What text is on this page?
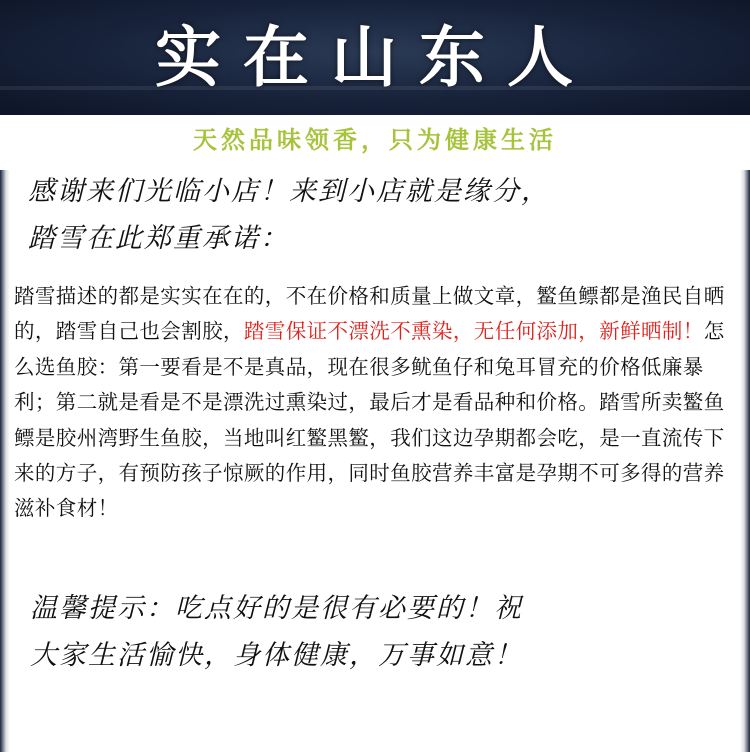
实在山东人
天然品味领香，只为健康生活
感谢来们光临小店！来到小店就是缘分，
踏雪在此郑重承诺：
踏雪描述的都是实实在在的，不在价格和质量上做文章，鳘鱼鳔都是渔民自晒的，踏雪自己也会割胶，踏雪保证不漂洗不熏染，无任何添加，新鲜晒制！怎么选鱼胶：第一要看是不是真品，现在很多鱿鱼仔和兔耳冒充的价格低廉暴利；第二就是看是不是漂洗过熏染过，最后才是看品种和价格。踏雪所卖鳘鱼鳔是胶州湾野生鱼胶，当地叫红鳘黑鳘，我们这边孕期都会吃，是一直流传下来的方子，有预防孩子惊厥的作用，同时鱼胶营养丰富是孕期不可多得的营养滋补食材！
温馨提示：吃点好的是很有必要的！祝
大家生活愉快，身体健康，万事如意！
